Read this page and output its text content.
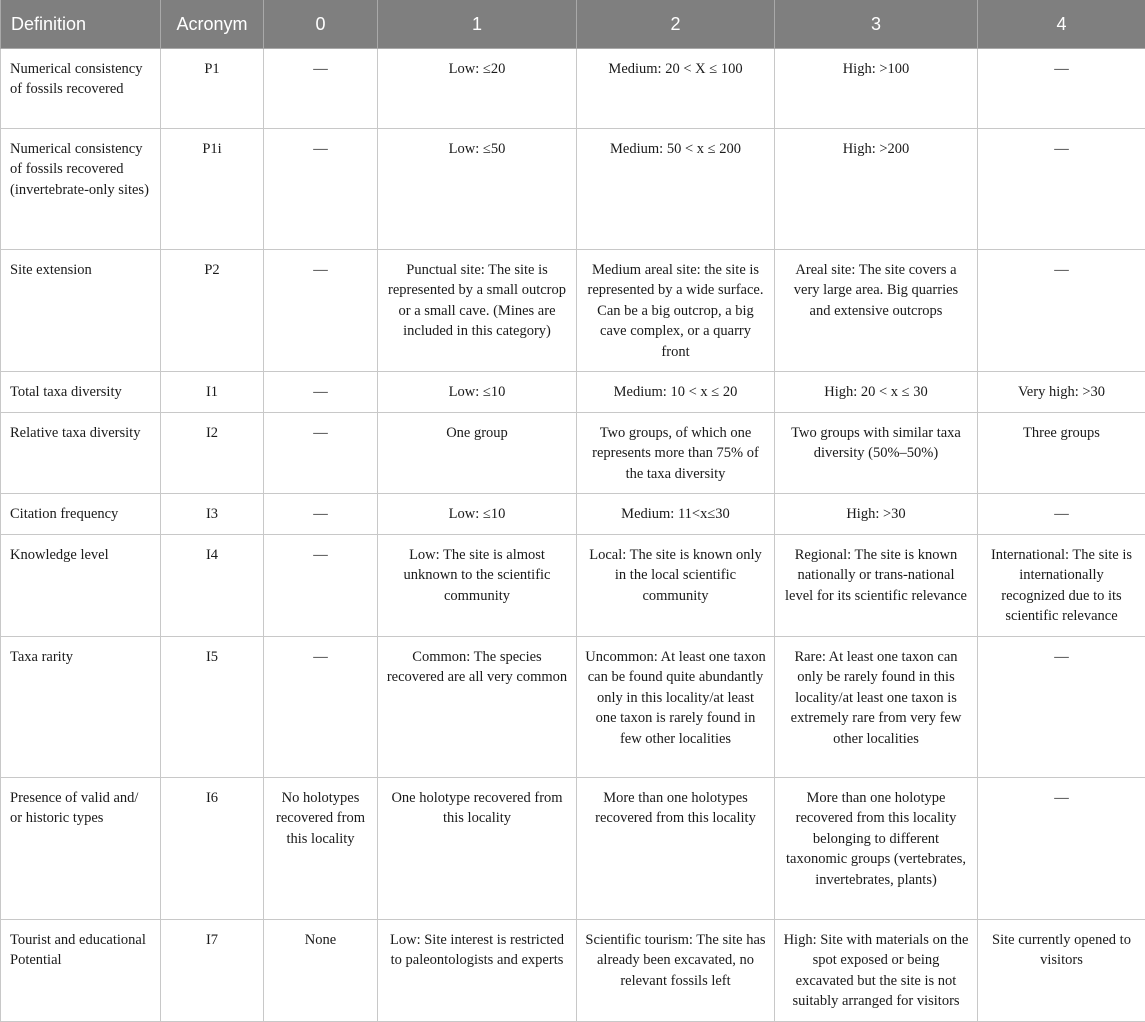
Definition	Acronym	0	1	2	3	4
Numerical consistency of fossils recovered	P1	—	Low: ≤20	Medium: 20 < X ≤ 100	High: >100	—
Numerical consistency of fossils recovered (invertebrate-only sites)	P1i	—	Low: ≤50	Medium: 50 < x ≤ 200	High: >200	—
Site extension	P2	—	Punctual site: The site is represented by a small outcrop or a small cave. (Mines are included in this category)	Medium areal site: the site is represented by a wide surface. Can be a big outcrop, a big cave complex, or a quarry front	Areal site: The site covers a very large area. Big quarries and extensive outcrops	—
Total taxa diversity	I1	—	Low: ≤10	Medium: 10 < x ≤ 20	High: 20 < x ≤ 30	Very high: >30
Relative taxa diversity	I2	—	One group	Two groups, of which one represents more than 75% of the taxa diversity	Two groups with similar taxa diversity (50%–50%)	Three groups
Citation frequency	I3	—	Low: ≤10	Medium: 11<x≤30	High: >30	—
Knowledge level	I4	—	Low: The site is almost unknown to the scientific community	Local: The site is known only in the local scientific community	Regional: The site is known nationally or trans-national level for its scientific relevance	International: The site is internationally recognized due to its scientific relevance
Taxa rarity	I5	—	Common: The species recovered are all very common	Uncommon: At least one taxon can be found quite abundantly only in this locality/at least one taxon is rarely found in few other localities	Rare: At least one taxon can only be rarely found in this locality/at least one taxon is extremely rare from very few other localities	—
Presence of valid and/ or historic types	I6	No holotypes recovered from this locality	One holotype recovered from this locality	More than one holotypes recovered from this locality	More than one holotype recovered from this locality belonging to different taxonomic groups (vertebrates, invertebrates, plants)	—
Tourist and educational Potential	I7	None	Low: Site interest is restricted to paleontologists and experts	Scientific tourism: The site has already been excavated, no relevant fossils left	High: Site with materials on the spot exposed or being excavated but the site is not suitably arranged for visitors	Site currently opened to visitors
